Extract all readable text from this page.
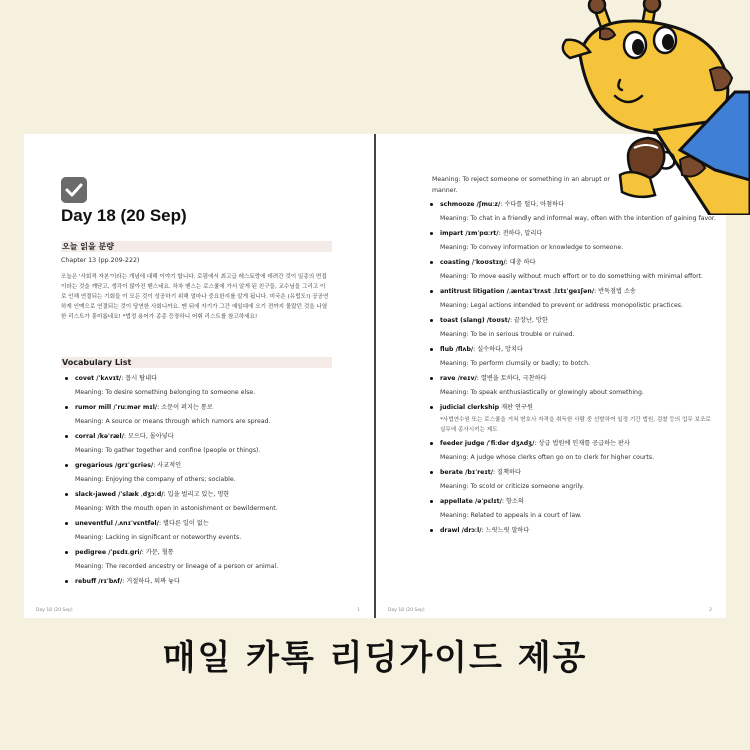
Day 18 (20 Sep)
오늘 읽을 분량
Chapter 13 (pp.209-222)
오늘은 '사회적 자본'이라는 개념에 대해 이야기 합니다. 로펌에서 최고급 레스토랑에 데려간 것이 일종의 면접이라는 것을 깨닫고, 생각이 많아진 벤스네요. 차차 벤스는 로스쿨에 가서 알게 된 친구들, 교수님들 그리고 이로 인해 연결되는 기회들 이 모든 것이 성공하기 위해 얼마나 중요한지를 알게 됩니다. 미국은 (유럽도!) 공공연하게 인맥으로 연결되는 것이 당연한 사회니까요. 맨 뒤에 자기가 그간 예일대에 오기 전까지 몰랐던 것을 나열한 리스트가 흥미롭네요! *법정 용어가 종종 등장하니 어휘 리스트를 참고하세요!
Vocabulary List
covet /ˈkʌvɪt/: 몹시 탐내다
Meaning: To desire something belonging to someone else.
rumor mill /ˈruːmər mɪl/: 소문이 퍼지는 통로
Meaning: A source or means through which rumors are spread.
corral /kəˈræl/: 모으다, 몰아넣다
Meaning: To gather together and confine (people or things).
gregarious /grɪˈgɛriəs/: 사교적인
Meaning: Enjoying the company of others; sociable.
slack-jawed /ˈslæk ˌdʒɔːd/: 입을 벌리고 있는, 멍한
Meaning: With the mouth open in astonishment or bewilderment.
uneventful /ˌʌnɪˈvɛntfəl/: 별다른 일이 없는
Meaning: Lacking in significant or noteworthy events.
pedigree /ˈpɛdɪˌgri/: 가문, 혈통
Meaning: The recorded ancestry or lineage of a person or animal.
rebuff /rɪˈbʌf/: 거절하다, 퇴짜 놓다
Day 18 (20 Sep)	1
Meaning: To reject someone or something in an abrupt or
manner.
schmooze /ʃmuːz/: 수다를 떨다, 아첨하다
Meaning: To chat in a friendly and informal way, often with the intention of gaining favor.
impart /ɪmˈpɑːrt/: 전하다, 알리다
Meaning: To convey information or knowledge to someone.
coasting /ˈkoʊstɪŋ/: 대충 하다
Meaning: To move easily without much effort or to do something with minimal effort.
antitrust litigation /ˌæntaɪˈtrʌst ˌlɪtɪˈgeɪʃən/: 반독점법 소송
Meaning: Legal actions intended to prevent or address monopolistic practices.
toast (slang) /toʊst/: 끝장난, 망한
Meaning: To be in serious trouble or ruined.
flub /flʌb/: 실수하다, 망치다
Meaning: To perform clumsily or badly; to botch.
rave /reɪv/: 열변을 토하다, 극찬하다
Meaning: To speak enthusiastically or glowingly about something.
judicial clerkship 재판 연구원
*사법연수원 또는 로스쿨을 거쳐 변호사 자격을 취득한 사람 중 선발하여 일정 기간 법원, 검찰 등의 업무 보조로 실무에 종사시키는 제도
feeder judge /ˈfiːdər dʒʌdʒ/: 상급 법원에 인재를 공급하는 판사
Meaning: A judge whose clerks often go on to clerk for higher courts.
berate /bɪˈreɪt/: 질책하다
Meaning: To scold or criticize someone angrily.
appellate /əˈpɛlɪt/: 항소의
Meaning: Related to appeals in a court of law.
drawl /drɔːl/: 느릿느릿 말하다
Day 18 (20 Sep)	2
매일 카톡 리딩가이드 제공
